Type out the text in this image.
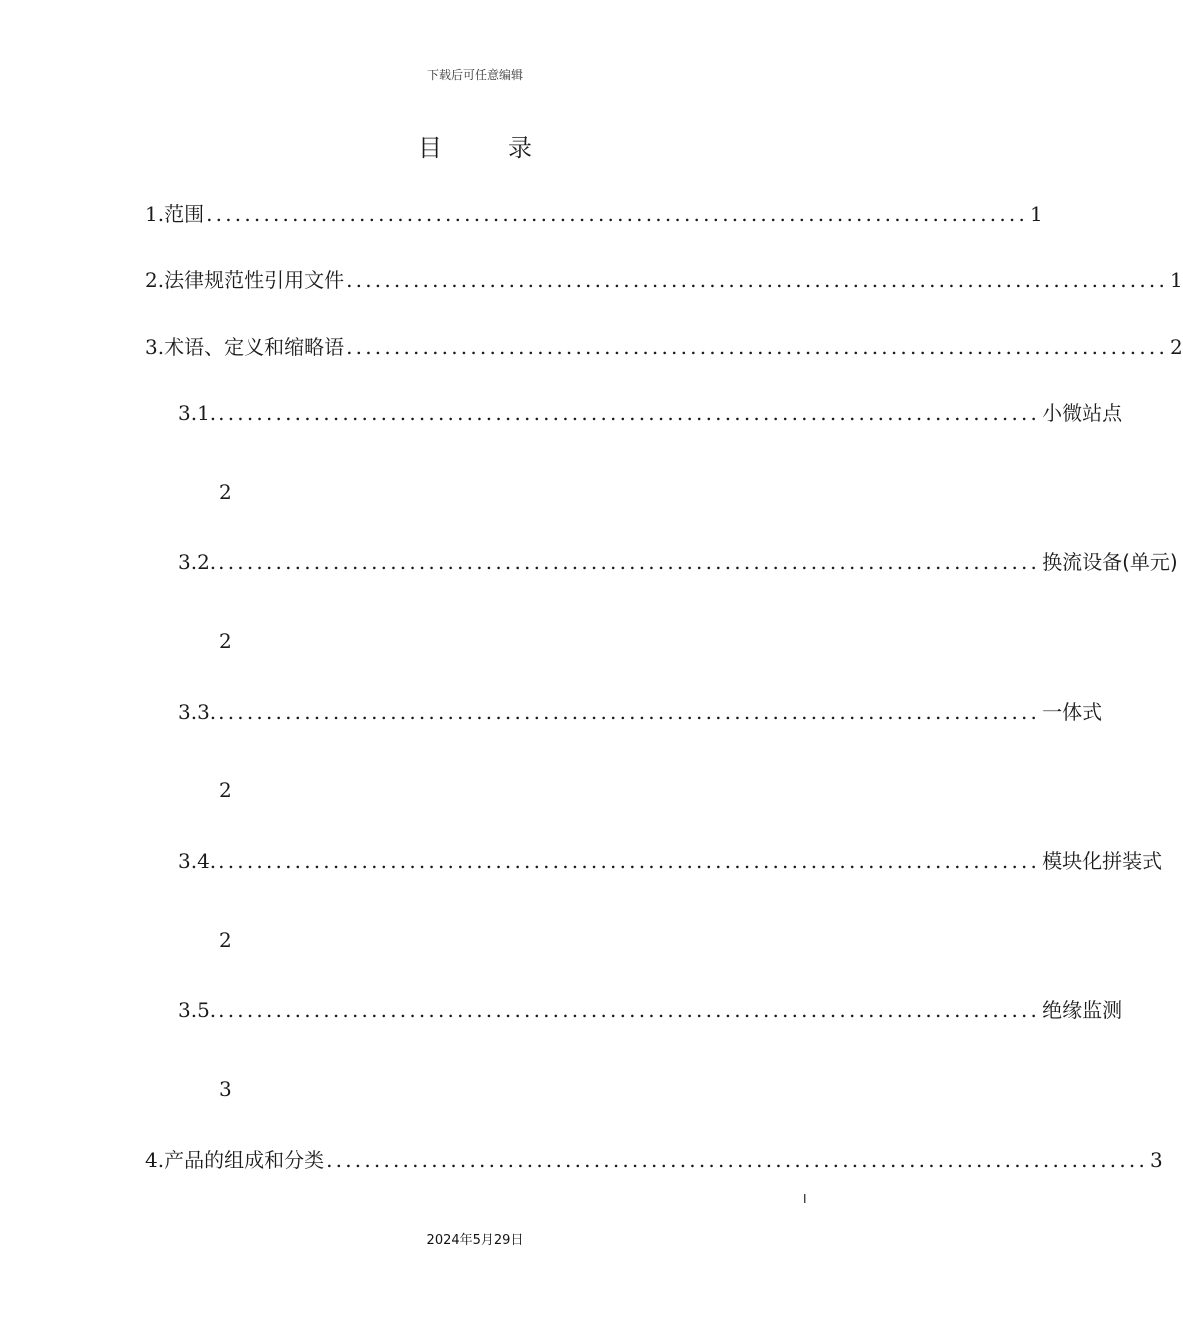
下载后可任意编辑
目	录
1. 范围 ...................................................................................... 1
2. 法律规范性引用文件 ...................................................................................... 1
3. 术语、定义和缩略语 ...................................................................................... 2
3.1. ...................................................................................... 小微站点
2
3.2. ...................................................................................... 换流设备(单元)
2
3.3. ...................................................................................... 一体式
2
3.4. ...................................................................................... 模块化拼装式
2
3.5. ...................................................................................... 绝缘监测
3
4. 产品的组成和分类 ...................................................................................... 3
I
2024年5月29日
